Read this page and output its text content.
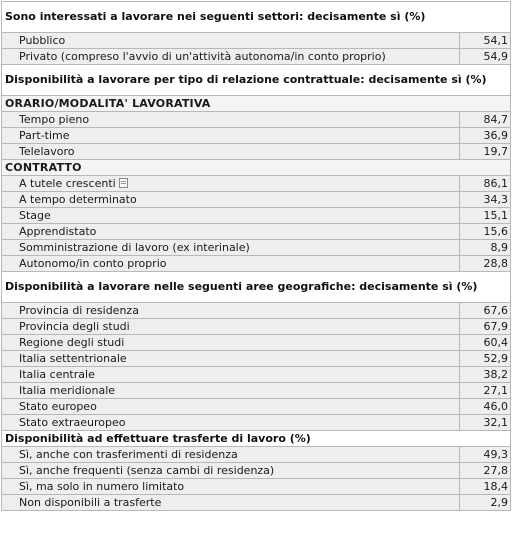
Sono interessati a lavorare nei seguenti settori: decisamente sì (%)	
Pubblico	54,1
Privato (compreso l'avvio di un'attività autonoma/in conto proprio)	54,9
Disponibilità a lavorare per tipo di relazione contrattuale: decisamente sì (%)	
ORARIO/MODALITA' LAVORATIVA	
Tempo pieno	84,7
Part-time	36,9
Telelavoro	19,7
CONTRATTO	
A tutele crescenti	86,1
A tempo determinato	34,3
Stage	15,1
Apprendistato	15,6
Somministrazione di lavoro (ex interinale)	8,9
Autonomo/in conto proprio	28,8
Disponibilità a lavorare nelle seguenti aree geografiche: decisamente sì (%)	
Provincia di residenza	67,6
Provincia degli studi	67,9
Regione degli studi	60,4
Italia settentrionale	52,9
Italia centrale	38,2
Italia meridionale	27,1
Stato europeo	46,0
Stato extraeuropeo	32,1
Disponibilità ad effettuare trasferte di lavoro (%)	
Sì, anche con trasferimenti di residenza	49,3
Sì, anche frequenti (senza cambi di residenza)	27,8
Sì, ma solo in numero limitato	18,4
Non disponibili a trasferte	2,9
